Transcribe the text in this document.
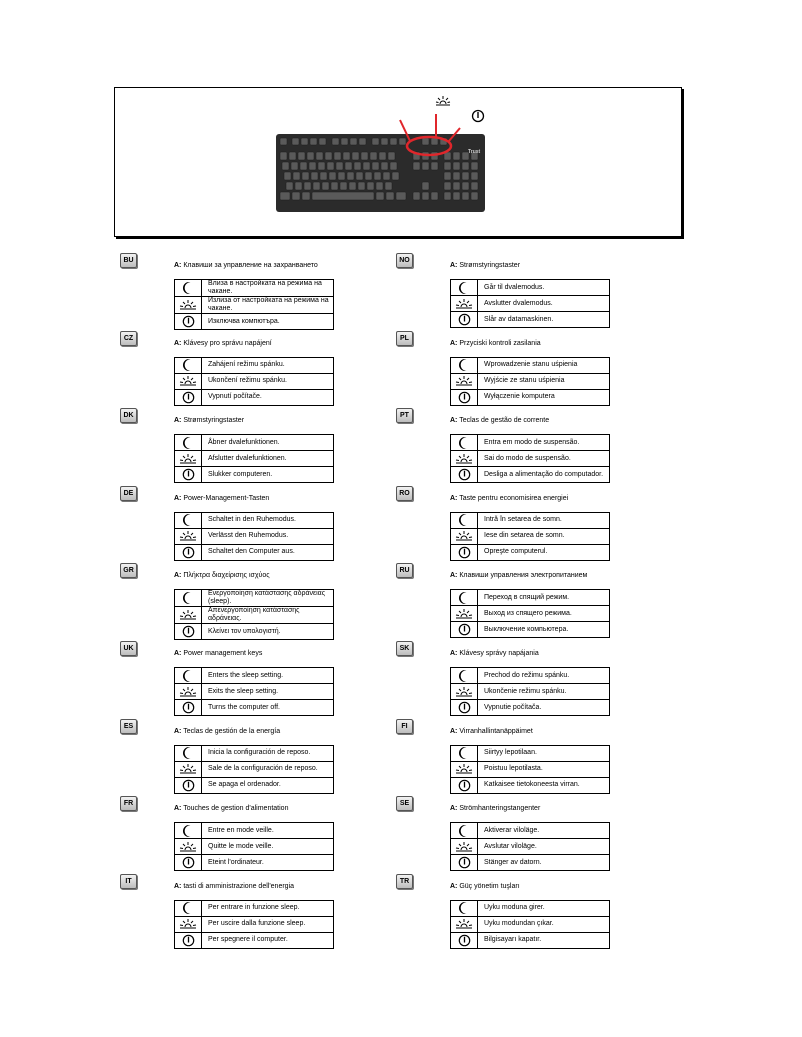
Trust
BU
A: Клавиши за управление на захранването
	Влиза в настройката на режима на чакане.

	Излиза от настройката на режима на чакане.

	Изключва компютъра.
NO
A: Strømstyringstaster
	Går til dvalemodus.

	Avslutter dvalemodus.

	Slår av datamaskinen.
CZ
A: Klávesy pro správu napájení
	Zahájení režimu spánku.

	Ukončení režimu spánku.

	Vypnutí počítače.
PL
A: Przyciski kontroli zasilania
	Wprowadzenie stanu uśpienia

	Wyjście ze stanu uśpienia

	Wyłączenie komputera
DK
A: Strømstyringstaster
	Åbner dvalefunktionen.

	Afslutter dvalefunktionen.

	Slukker computeren.
PT
A: Teclas de gestão de corrente
	Entra em modo de suspensão.

	Sai do modo de suspensão.

	Desliga a alimentação do computador.
DE
A: Power-Management-Tasten
	Schaltet in den Ruhemodus.

	Verlässt den Ruhemodus.

	Schaltet den Computer aus.
RO
A: Taste pentru economisirea energiei
	Intră în setarea de somn.

	Iese din setarea de somn.

	Opreşte computerul.
GR
A: Πλήκτρα διαχείρισης ισχύος
	Ενεργοποίηση κατάστασης αδράνειας (sleep).

	Απενεργοποίηση κατάστασης αδράνειας.

	Κλείνει τον υπολογιστή.
RU
A: Клавиши управления электропитанием
	Переход в спящий режим.

	Выход из спящего режима.

	Выключение компьютера.
UK
A: Power management keys
	Enters the sleep setting.

	Exits the sleep setting.

	Turns the computer off.
SK
A: Klávesy správy napájania
	Prechod do režimu spánku.

	Ukončenie režimu spánku.

	Vypnutie počítača.
ES
A: Teclas de gestión de la energía
	Inicia la configuración de reposo.

	Sale de la configuración de reposo.

	Se apaga el ordenador.
FI
A: Virranhallintanäppäimet
	Siirtyy lepotilaan.

	Poistuu lepotilasta.

	Katkaisee tietokoneesta virran.
FR
A: Touches de gestion d'alimentation
	Entre en mode veille.

	Quitte le mode veille.

	Eteint l'ordinateur.
SE
A: Strömhanteringstangenter
	Aktiverar viloläge.

	Avslutar viloläge.

	Stänger av datorn.
IT
A: tasti di amministrazione dell'energia
	Per entrare in funzione sleep.

	Per uscire dalla funzione sleep.

	Per spegnere il computer.
TR
A: Güç yönetim tuşları
	Uyku moduna girer.

	Uyku modundan çıkar.

	Bilgisayarı kapatır.
